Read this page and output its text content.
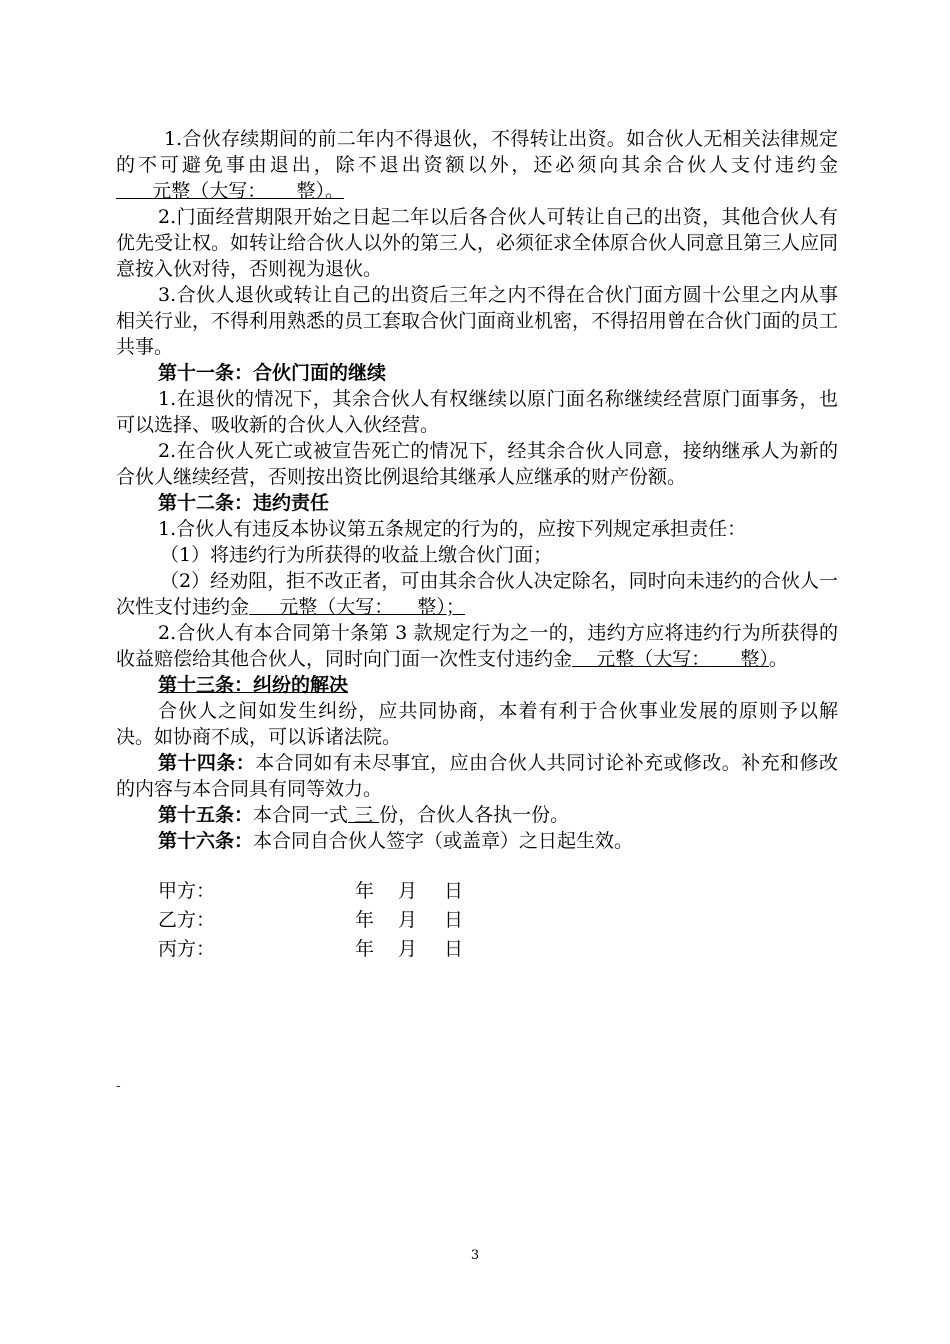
1.合伙存续期间的前二年内不得退伙，不得转让出资。如合伙人无相关法律规定的不可避免事由退出，除不退出资额以外，还必须向其余合伙人支付违约金      元整（大写： 整）。

2.门面经营期限开始之日起二年以后各合伙人可转让自己的出资，其他合伙人有优先受让权。如转让给合伙人以外的第三人，必须征求全体原合伙人同意且第三人应同意按入伙对待，否则视为退伙。

3.合伙人退伙或转让自己的出资后三年之内不得在合伙门面方圆十公里之内从事相关行业，不得利用熟悉的员工套取合伙门面商业机密，不得招用曾在合伙门面的员工共事。

第十一条：合伙门面的继续

1.在退伙的情况下，其余合伙人有权继续以原门面名称继续经营原门面事务，也可以选择、吸收新的合伙人入伙经营。

2.在合伙人死亡或被宣告死亡的情况下，经其余合伙人同意，接纳继承人为新的合伙人继续经营，否则按出资比例退给其继承人应继承的财产份额。

第十二条：违约责任

1.合伙人有违反本协议第五条规定的行为的，应按下列规定承担责任：

（1）将违约行为所获得的收益上缴合伙门面；

（2）经劝阻，拒不改正者，可由其余合伙人决定除名，同时向未违约的合伙人一次性支付违约金 元整（大写： 整）；

2.合伙人有本合同第十条第 3 款规定行为之一的，违约方应将违约行为所获得的收益赔偿给其他合伙人，同时向门面一次性支付违约金 元整（大写： 整）。

第十三条：纠纷的解决

合伙人之间如发生纠纷，应共同协商，本着有利于合伙事业发展的原则予以解决。如协商不成，可以诉诸法院。

第十四条：本合同如有未尽事宜，应由合伙人共同讨论补充或修改。补充和修改的内容与本合同具有同等效力。

第十五条：本合同一式 三 份，合伙人各执一份。

第十六条：本合同自合伙人签字（或盖章）之日起生效。

甲方：	年 月 日
乙方：	年 月 日
丙方：	年 月 日
-
3
